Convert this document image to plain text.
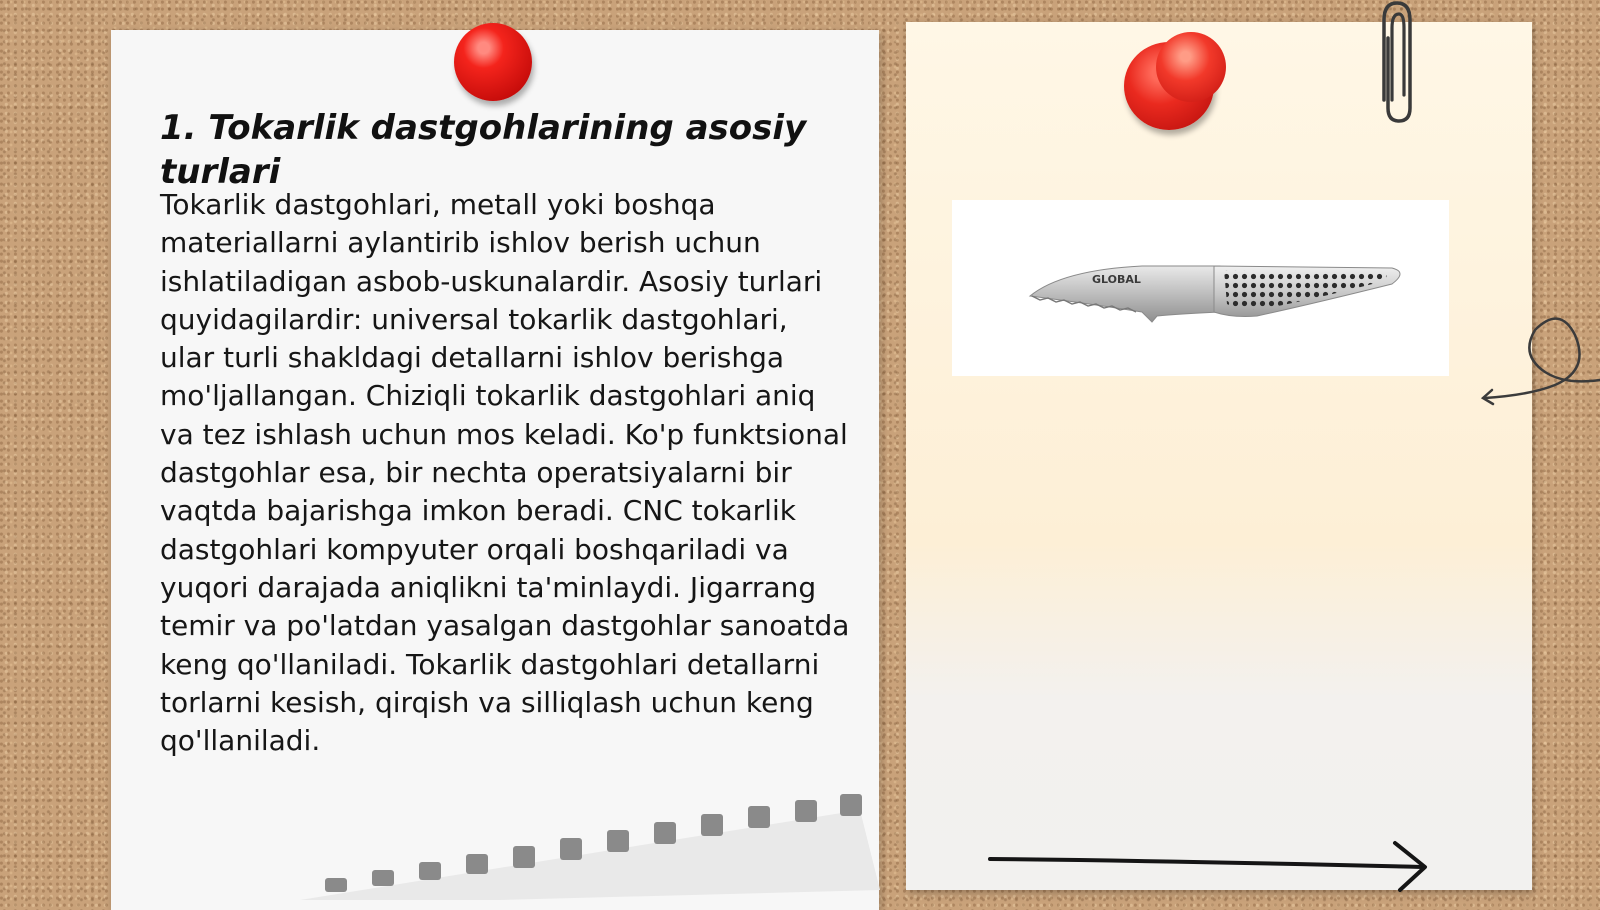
1. Tokarlik dastgohlarining asosiy turlari

Tokarlik dastgohlari, metall yoki boshqa materiallarni aylantirib ishlov berish uchun ishlatiladigan asbob-uskunalardir. Asosiy turlari quyidagilardir: universal tokarlik dastgohlari, ular turli shakldagi detallarni ishlov berishga mo'ljallangan. Chiziqli tokarlik dastgohlari aniq va tez ishlash uchun mos keladi. Ko'p funktsional dastgohlar esa, bir nechta operatsiyalarni bir vaqtda bajarishga imkon beradi. CNC tokarlik dastgohlari kompyuter orqali boshqariladi va yuqori darajada aniqlikni ta'minlaydi. Jigarrang temir va po'latdan yasalgan dastgohlar sanoatda keng qo'llaniladi. Tokarlik dastgohlari detallarni torlarni kesish, qirqish va silliqlash uchun keng qo'llaniladi.

GLOBAL
